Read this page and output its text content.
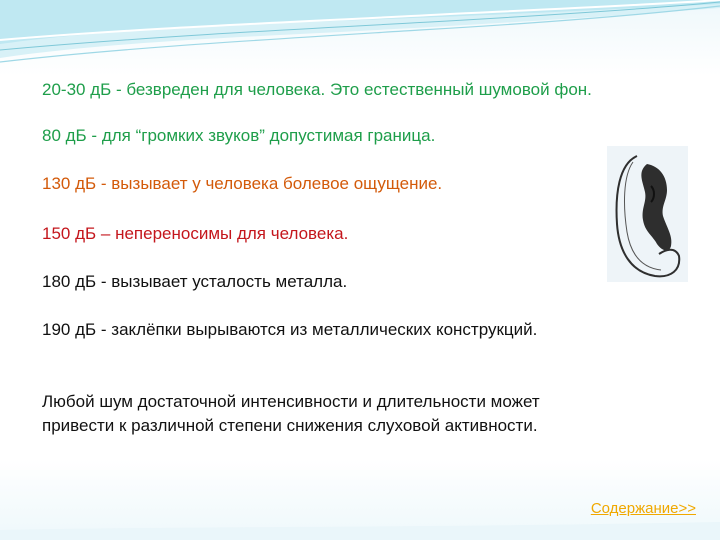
20-30 дБ - безвреден для человека. Это естественный шумовой фон.

80 дБ - для “громких звуков” допустимая граница.

130 дБ - вызывает у человека болевое ощущение.

150 дБ – непереносимы для человека.

180 дБ - вызывает усталость металла.

190 дБ - заклёпки вырываются из металлических конструкций.

Любой шум достаточной интенсивности и длительности может
привести к различной степени снижения слуховой активности.
Содержание>>
